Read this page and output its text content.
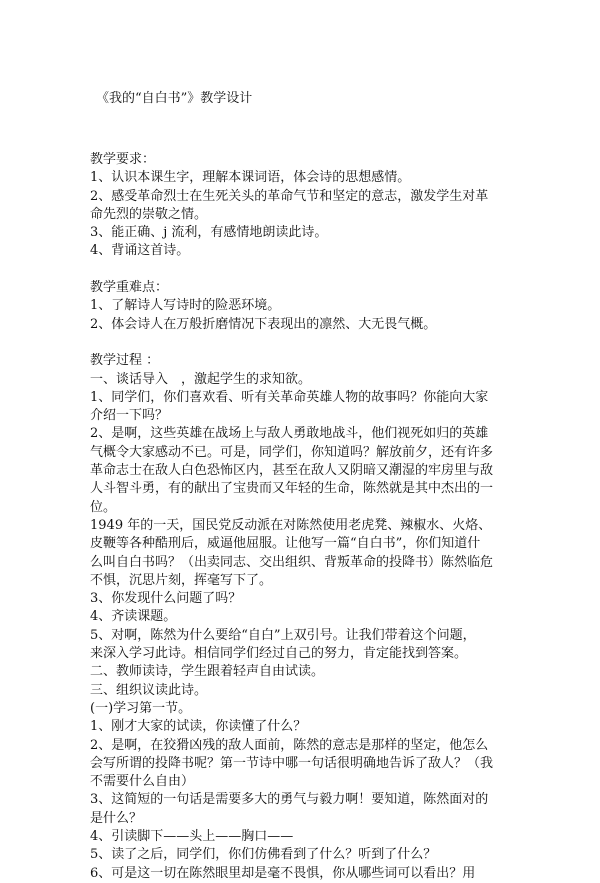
《我的“自白书”》教学设计
教学要求：
1、认识本课生字，理解本课词语，体会诗的思想感情。
2、感受革命烈士在生死关头的革命气节和坚定的意志，激发学生对革
命先烈的崇敬之情。
3、能正确、j 流利，有感情地朗读此诗。
4、背诵这首诗。
教学重难点：
1、了解诗人写诗时的险恶环境。
2、体会诗人在万般折磨情况下表现出的凛然、大无畏气概。
教学过程 ：
一、谈话导入　，激起学生的求知欲。
1、同学们，你们喜欢看、听有关革命英雄人物的故事吗？你能向大家
介绍一下吗？
2、是啊，这些英雄在战场上与敌人勇敢地战斗，他们视死如归的英雄
气概令大家感动不已。可是，同学们，你知道吗？解放前夕，还有许多
革命志士在敌人白色恐怖区内，甚至在敌人又阴暗又潮湿的牢房里与敌
人斗智斗勇，有的献出了宝贵而又年轻的生命，陈然就是其中杰出的一
位。
1949 年的一天，国民党反动派在对陈然使用老虎凳、辣椒水、火烙、
皮鞭等各种酷刑后，威逼他屈服。让他写一篇“自白书”，你们知道什
么叫自白书吗？（出卖同志、交出组织、背叛革命的投降书）陈然临危
不惧，沉思片刻，挥毫写下了。
3、你发现什么问题了吗？
4、齐读课题。
5、对啊，陈然为什么要给“自白”上双引号。让我们带着这个问题，
来深入学习此诗。相信同学们经过自己的努力，肯定能找到答案。
二、教师读诗，学生跟着轻声自由试读。
三、组织议读此诗。
(一)学习第一节。
1、刚才大家的试读，你读懂了什么？
2、是啊，在狡猾凶残的敌人面前，陈然的意志是那样的坚定，他怎么
会写所谓的投降书呢？第一节诗中哪一句话很明确地告诉了敌人？（我
不需要什么自由）
3、这简短的一句话是需要多大的勇气与毅力啊！要知道，陈然面对的
是什么？
4、引读脚下——头上——胸口——
5、读了之后，同学们，你们仿佛看到了什么？听到了什么？
6、可是这一切在陈然眼里却是毫不畏惧，你从哪些词可以看出？用
